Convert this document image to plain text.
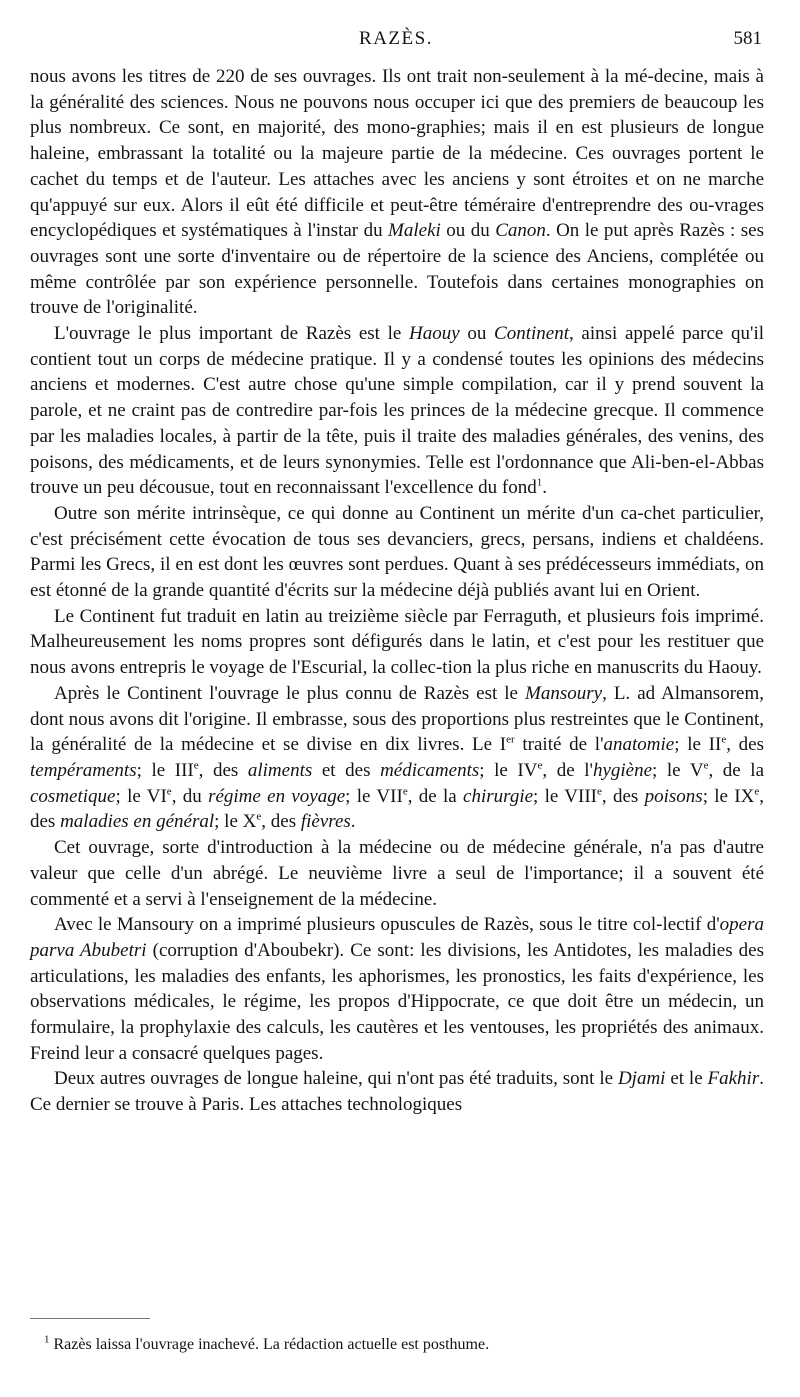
RAZÈS.	581

nous avons les titres de 220 de ses ouvrages. Ils ont trait non-seulement à la mé-decine, mais à la généralité des sciences. Nous ne pouvons nous occuper ici que des premiers de beaucoup les plus nombreux. Ce sont, en majorité, des mono-graphies; mais il en est plusieurs de longue haleine, embrassant la totalité ou la majeure partie de la médecine. Ces ouvrages portent le cachet du temps et de l'auteur. Les attaches avec les anciens y sont étroites et on ne marche qu'appuyé sur eux. Alors il eût été difficile et peut-être téméraire d'entreprendre des ou-vrages encyclopédiques et systématiques à l'instar du Maleki ou du Canon. On le put après Razès : ses ouvrages sont une sorte d'inventaire ou de répertoire de la science des Anciens, complétée ou même contrôlée par son expérience personnelle. Toutefois dans certaines monographies on trouve de l'originalité.

L'ouvrage le plus important de Razès est le Haouy ou Continent, ainsi appelé parce qu'il contient tout un corps de médecine pratique. Il y a condensé toutes les opinions des médecins anciens et modernes. C'est autre chose qu'une simple compilation, car il y prend souvent la parole, et ne craint pas de contredire par-fois les princes de la médecine grecque. Il commence par les maladies locales, à partir de la tête, puis il traite des maladies générales, des venins, des poisons, des médicaments, et de leurs synonymies. Telle est l'ordonnance que Ali-ben-el-Abbas trouve un peu décousue, tout en reconnaissant l'excellence du fond$^1$.

Outre son mérite intrinsèque, ce qui donne au Continent un mérite d'un ca-chet particulier, c'est précisément cette évocation de tous ses devanciers, grecs, persans, indiens et chaldéens. Parmi les Grecs, il en est dont les œuvres sont perdues. Quant à ses prédécesseurs immédiats, on est étonné de la grande quantité d'écrits sur la médecine déjà publiés avant lui en Orient.

Le Continent fut traduit en latin au treizième siècle par Ferraguth, et plusieurs fois imprimé. Malheureusement les noms propres sont défigurés dans le latin, et c'est pour les restituer que nous avons entrepris le voyage de l'Escurial, la collec-tion la plus riche en manuscrits du Haouy.

Après le Continent l'ouvrage le plus connu de Razès est le Mansoury, L. ad Almansorem, dont nous avons dit l'origine. Il embrasse, sous des proportions plus restreintes que le Continent, la généralité de la médecine et se divise en dix livres. Le Ier traité de l'anatomie; le IIe, des tempéraments; le IIIe, des aliments et des médicaments; le IVe, de l'hygiène; le Ve, de la cosmetique; le VIe, du régime en voyage; le VIIe, de la chirurgie; le VIIIe, des poisons; le IXe, des maladies en général; le Xe, des fièvres.

Cet ouvrage, sorte d'introduction à la médecine ou de médecine générale, n'a pas d'autre valeur que celle d'un abrégé. Le neuvième livre a seul de l'importance; il a souvent été commenté et a servi à l'enseignement de la médecine.

Avec le Mansoury on a imprimé plusieurs opuscules de Razès, sous le titre col-lectif d'opera parva Abubetri (corruption d'Aboubekr). Ce sont: les divisions, les Antidotes, les maladies des articulations, les maladies des enfants, les aphorismes, les pronostics, les faits d'expérience, les observations médicales, le régime, les propos d'Hippocrate, ce que doit être un médecin, un formulaire, la prophylaxie des calculs, les cautères et les ventouses, les propriétés des animaux. Freind leur a consacré quelques pages.

Deux autres ouvrages de longue haleine, qui n'ont pas été traduits, sont le Djami et le Fakhir. Ce dernier se trouve à Paris. Les attaches technologiques

$^1$ Razès laissa l'ouvrage inachevé. La rédaction actuelle est posthume.
